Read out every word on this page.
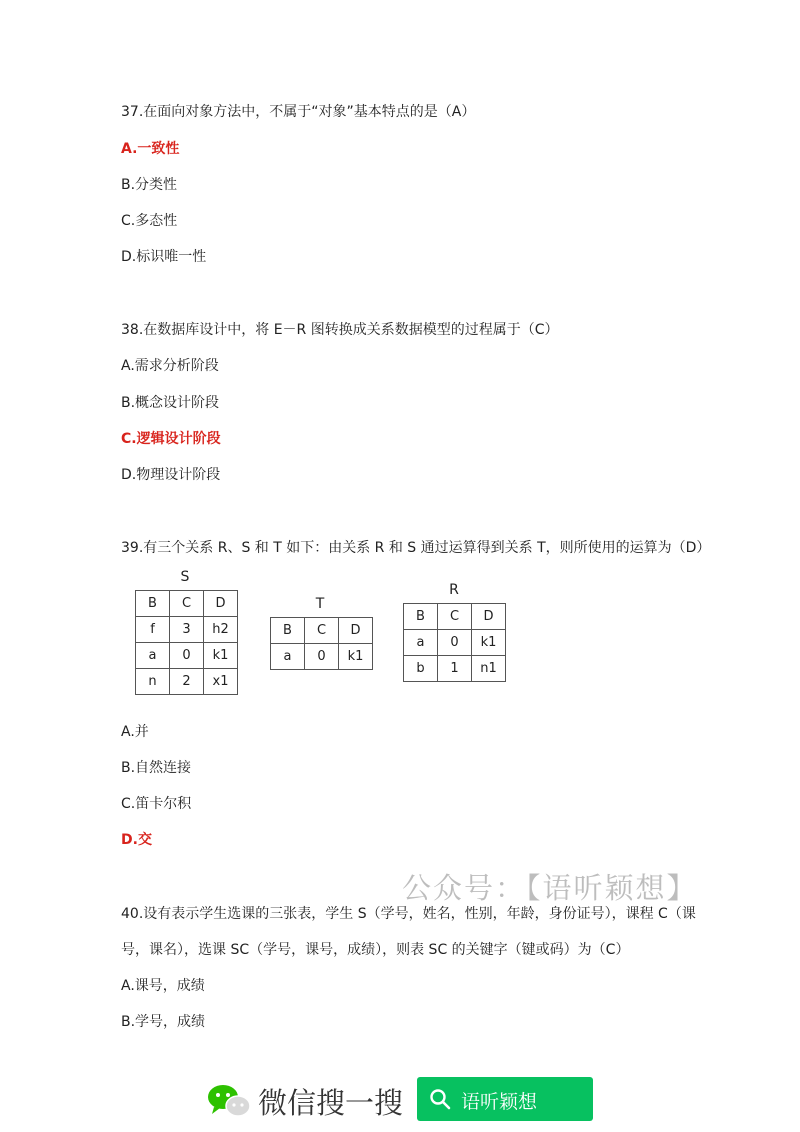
37.在面向对象方法中，不属于“对象”基本特点的是（A）
A.一致性
B.分类性
C.多态性
D.标识唯一性
38.在数据库设计中，将 E－R 图转换成关系数据模型的过程属于（C）
A.需求分析阶段
B.概念设计阶段
C.逻辑设计阶段
D.物理设计阶段
39.有三个关系 R、S 和 T 如下：由关系 R 和 S 通过运算得到关系 T，则所使用的运算为（D）
S
B	C	D
f	3	h2
a	0	k1
n	2	x1
T
B	C	D
a	0	k1
R
B	C	D
a	0	k1
b	1	n1
A.并
B.自然连接
C.笛卡尔积
D.交
公众号：【语听颖想】
40.设有表示学生选课的三张表，学生 S（学号，姓名，性别，年龄，身份证号），课程 C（课
号，课名），选课 SC（学号，课号，成绩），则表 SC 的关键字（键或码）为（C）
A.课号，成绩
B.学号，成绩
微信搜一搜	语听颖想
